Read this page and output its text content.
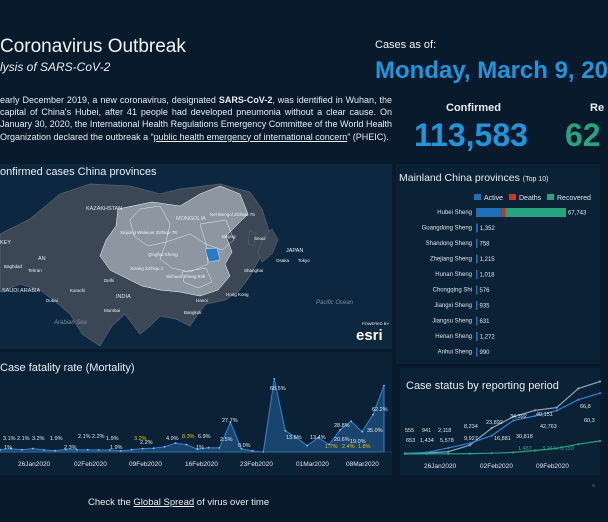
Coronavirus Outbreak
lysis of SARS-CoV-2
Cases as of:
Monday, March 9, 20
early December 2019, a new coronavirus, designated SARS-CoV-2, was identified in Wuhan, the capital of China's Hubei, after 41 people had developed pneumonia without a clear cause. On January 30, 2020, the International Health Regulations Emergency Committee of the World Health Organization declared the outbreak a “public health emergency of international concern” (PHEIC).
Confirmed
113,583
Re
62
KAZAKHSTAN
MONGOLIA
KEY
AN
SAUDI ARABIA
INDIA
JAPAN
Xinjiang Weiwuer Zizhiqu 76
Nei Mongol Zizhiqu 75
Qinghai Sheng
Xizang Zizhiqu 1
Sichuan Sheng 539
Tehran
Baghdad
Dubai
Mumbai	Bangkok
Shanghai
Tokyo
Osaka
Karachi
Delhi
Beijing
Hanoi
Seoul
Hong Kong
Pacific Ocean
Arabian Sea	POWERED BY
esri
onfirmed cases China provinces
Active Deaths Recovered
Hubei Sheng	67,743
Guangdong Sheng 1,352
Shandong Sheng 758
Zhejiang Sheng 1,215
Hunan Sheng 1,018
Chongqing Shi 576
Jiangxi Sheng 935
Jiangsu Sheng 631
Henan Sheng 1,272
Anhui Sheng 990
Mainland China provinces (Top 10)
3.1% 2.1% 3.2% 1.9%
1%	2.3%
2.1% 2.2% 1.9%
1.9%	1%
2.2%
3.2%	4.9% 8.3% 6.9% 2.5%
27.7%
68.5%
13.6% 13.4%
28.8%
20.6% 19.0%
62.2%
35.0%
0.0%	1.7% 2.4% 1.8%
26Jan2020	02Feb2020	09Feb2020	16Feb2020	23Feb2020	01Mar2020	08Mar2020
Case fatality rate (Mortality)
555 941 2,118
8,234
23,892
34,392 40,151
653 1,434 5,578 9,927	16,881 30,818
42,763
1,487 3,244 5,150
66,8
60,3
26Jan2020	02Feb2020	09Feb2020
Case status by reporting period
Check the Global Spread of virus over time
